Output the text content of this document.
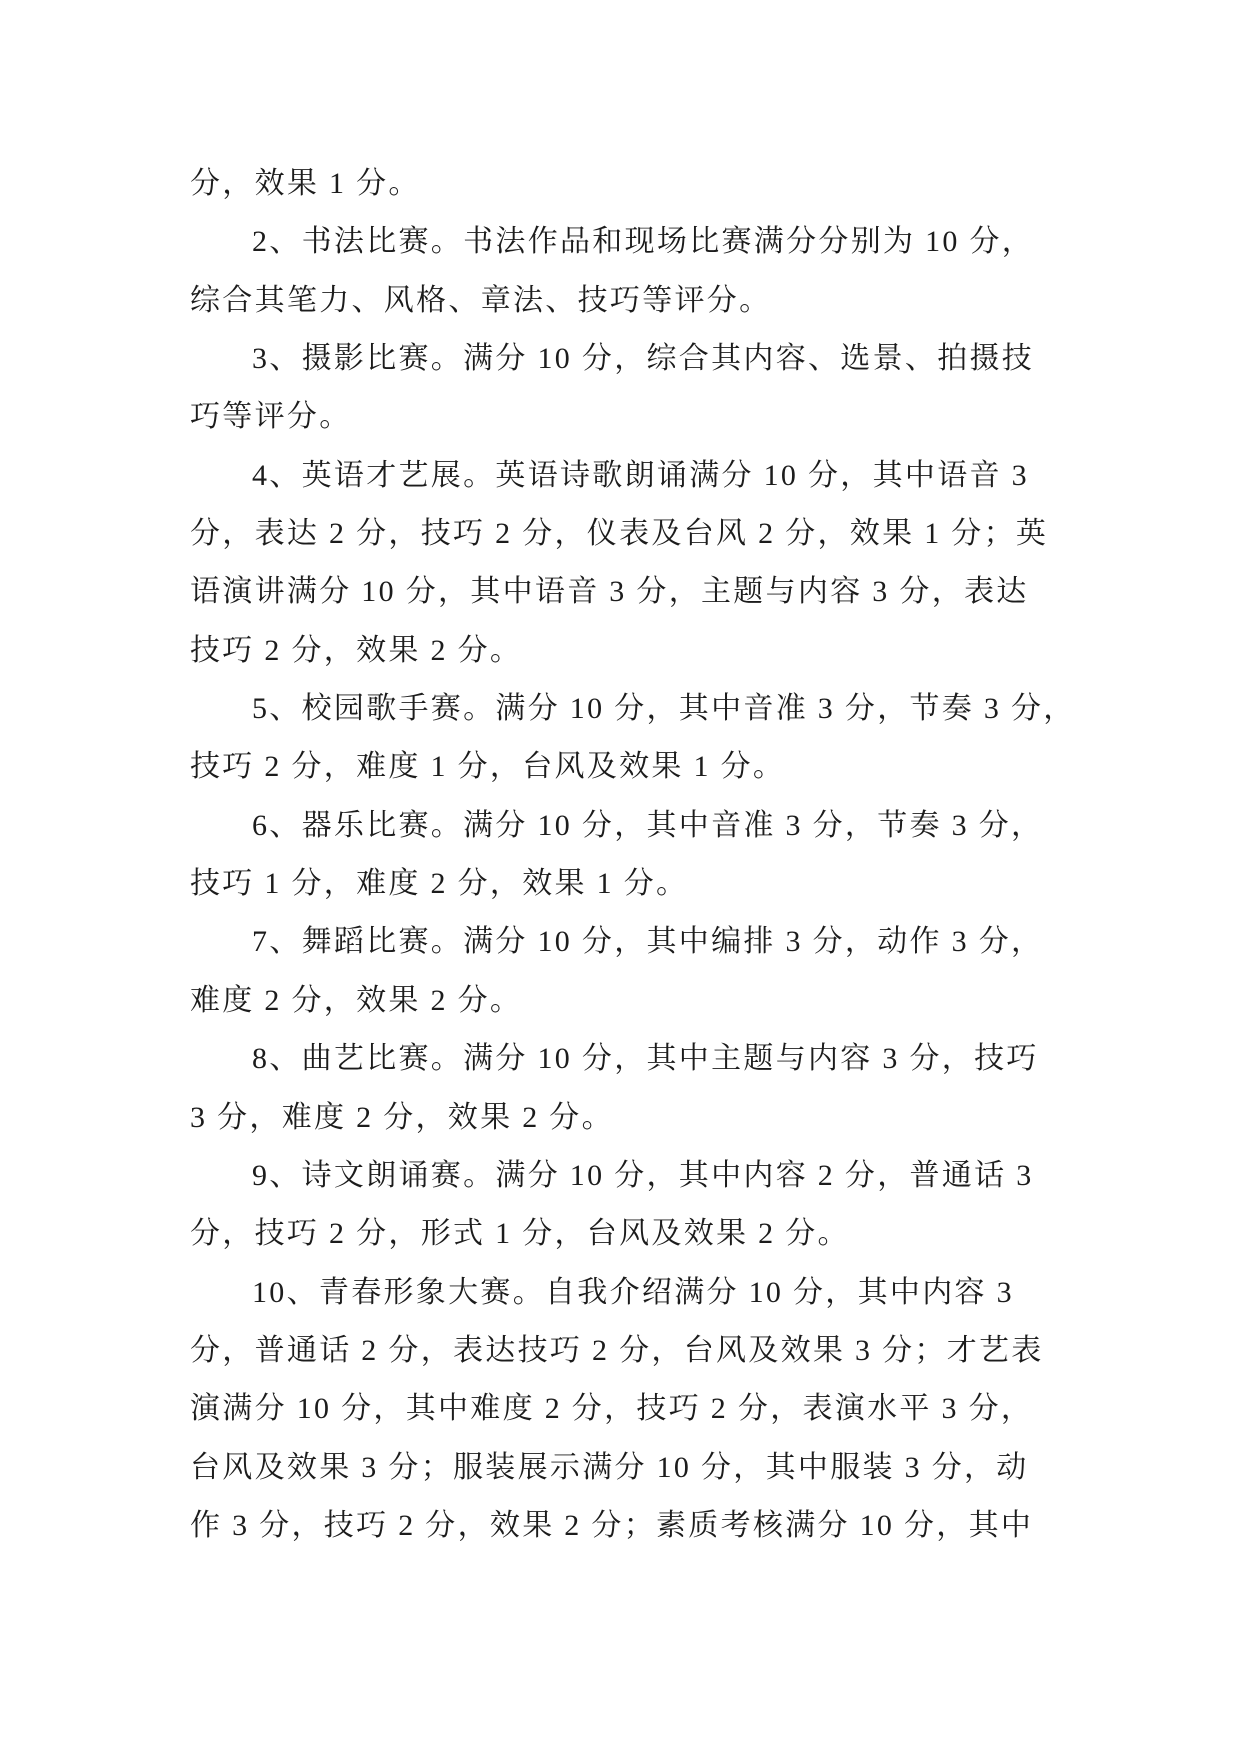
分，效果 1 分。
2、书法比赛。书法作品和现场比赛满分分别为 10 分，
综合其笔力、风格、章法、技巧等评分。
3、摄影比赛。满分 10 分，综合其内容、选景、拍摄技
巧等评分。
4、英语才艺展。英语诗歌朗诵满分 10 分，其中语音 3
分，表达 2 分，技巧 2 分，仪表及台风 2 分，效果 1 分；英
语演讲满分 10 分，其中语音 3 分，主题与内容 3 分，表达
技巧 2 分，效果 2 分。
5、校园歌手赛。满分 10 分，其中音准 3 分，节奏 3 分，
技巧 2 分，难度 1 分，台风及效果 1 分。
6、器乐比赛。满分 10 分，其中音准 3 分，节奏 3 分，
技巧 1 分，难度 2 分，效果 1 分。
7、舞蹈比赛。满分 10 分，其中编排 3 分，动作 3 分，
难度 2 分，效果 2 分。
8、曲艺比赛。满分 10 分，其中主题与内容 3 分，技巧
3 分，难度 2 分，效果 2 分。
9、诗文朗诵赛。满分 10 分，其中内容 2 分，普通话 3
分，技巧 2 分，形式 1 分，台风及效果 2 分。
10、青春形象大赛。自我介绍满分 10 分，其中内容 3
分，普通话 2 分，表达技巧 2 分，台风及效果 3 分；才艺表
演满分 10 分，其中难度 2 分，技巧 2 分，表演水平 3 分，
台风及效果 3 分；服装展示满分 10 分，其中服装 3 分，动
作 3 分，技巧 2 分，效果 2 分；素质考核满分 10 分，其中
